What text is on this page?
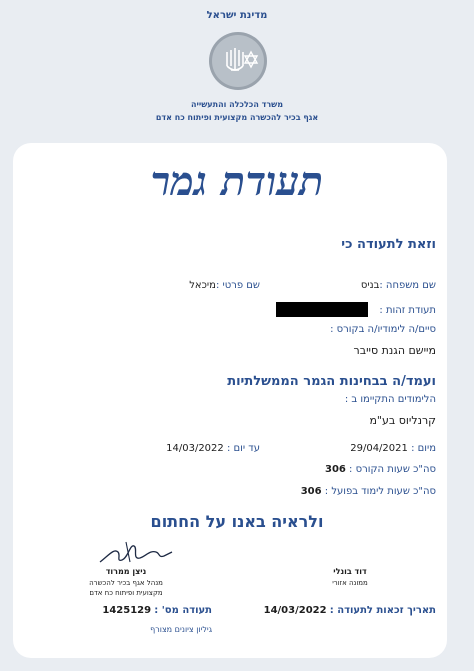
מדינת ישראל
משרד הכלכלה והתעשייה
אגף בכיר להכשרה מקצועית ופיתוח כח אדם
תעודת גמר
וזאת לתעודה כי
שם משפחה :בניס
שם פרטי :מיכאל
תעודת זהות :
סיים/ה לימודיו/ה בקורס :
מיישם הגנת סייבר
ועמד/ה בבחינות הגמר הממשלתיות
הלימודים התקיימו ב :
קרנליוס בע"מ
מיום : 29/04/2021
עד יום : 14/03/2022
סה"כ שעות הקורס : 306
סה"כ שעות לימוד בפועל : 306
ולראיה באנו על החתום
ניצן ממרוד
מנהל אגף בכיר להכשרה
מקצועית ופיתוח כח אדם
דוד בונלי
ממונה אזורי
תאריך זכאות לתעודה : 14/03/2022
תעודה מס' : 1425129
גיליון ציונים מצורף
